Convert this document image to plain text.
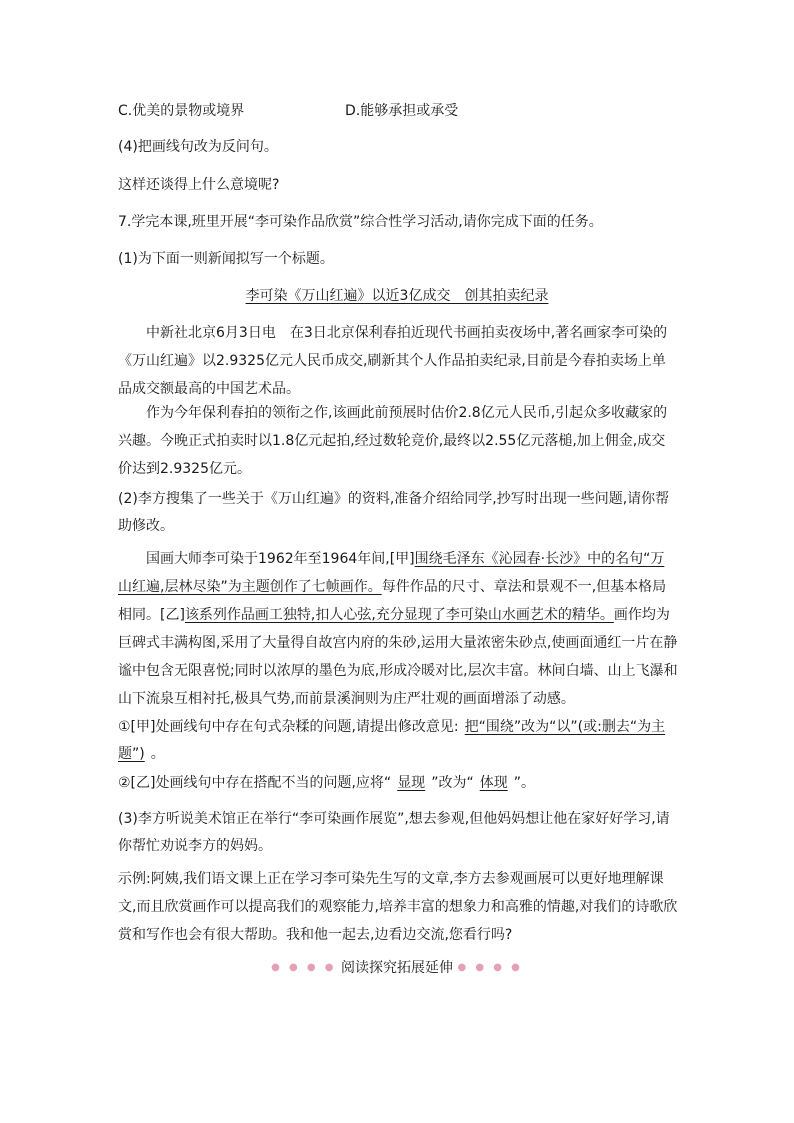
C.优美的景物或境界	D.能够承担或承受
(4)把画线句改为反问句。
这样还谈得上什么意境呢?
7.学完本课,班里开展“李可染作品欣赏”综合性学习活动,请你完成下面的任务。
(1)为下面一则新闻拟写一个标题。
李可染《万山红遍》以近3亿成交　创其拍卖纪录

中新社北京6月3日电　在3日北京保利春拍近现代书画拍卖夜场中,著名画家李可染的《万山红遍》以2.9325亿元人民币成交,刷新其个人作品拍卖纪录,目前是今春拍卖场上单品成交额最高的中国艺术品。

作为今年保利春拍的领衔之作,该画此前预展时估价2.8亿元人民币,引起众多收藏家的兴趣。今晚正式拍卖时以1.8亿元起拍,经过数轮竞价,最终以2.55亿元落槌,加上佣金,成交价达到2.9325亿元。

(2)李方搜集了一些关于《万山红遍》的资料,准备介绍给同学,抄写时出现一些问题,请你帮助修改。

国画大师李可染于1962年至1964年间,[甲]围绕毛泽东《沁园春·长沙》中的名句“万山红遍,层林尽染”为主题创作了七帧画作。每件作品的尺寸、章法和景观不一,但基本格局相同。[乙]该系列作品画工独特,扣人心弦,充分显现了李可染山水画艺术的精华。画作均为巨碑式丰满构图,采用了大量得自故宫内府的朱砂,运用大量浓密朱砂点,使画面通红一片在静谧中包含无限喜悦;同时以浓厚的墨色为底,形成冷暖对比,层次丰富。林间白墙、山上飞瀑和山下流泉互相衬托,极具气势,而前景溪涧则为庄严壮观的画面增添了动感。

①[甲]处画线句中存在句式杂糅的问题,请提出修改意见: 把“围绕”改为“以”(或:删去“为主题”) 。

②[乙]处画线句中存在搭配不当的问题,应将“ 显现 ”改为“ 体现 ”。

(3)李方听说美术馆正在举行“李可染画作展览”,想去参观,但他妈妈想让他在家好好学习,请你帮忙劝说李方的妈妈。

示例:阿姨,我们语文课上正在学习李可染先生写的文章,李方去参观画展可以更好地理解课文,而且欣赏画作可以提高我们的观察能力,培养丰富的想象力和高雅的情趣,对我们的诗歌欣赏和写作也会有很大帮助。我和他一起去,边看边交流,您看行吗?

● ● ● ● 阅读探究拓展延伸 ● ● ● ●
